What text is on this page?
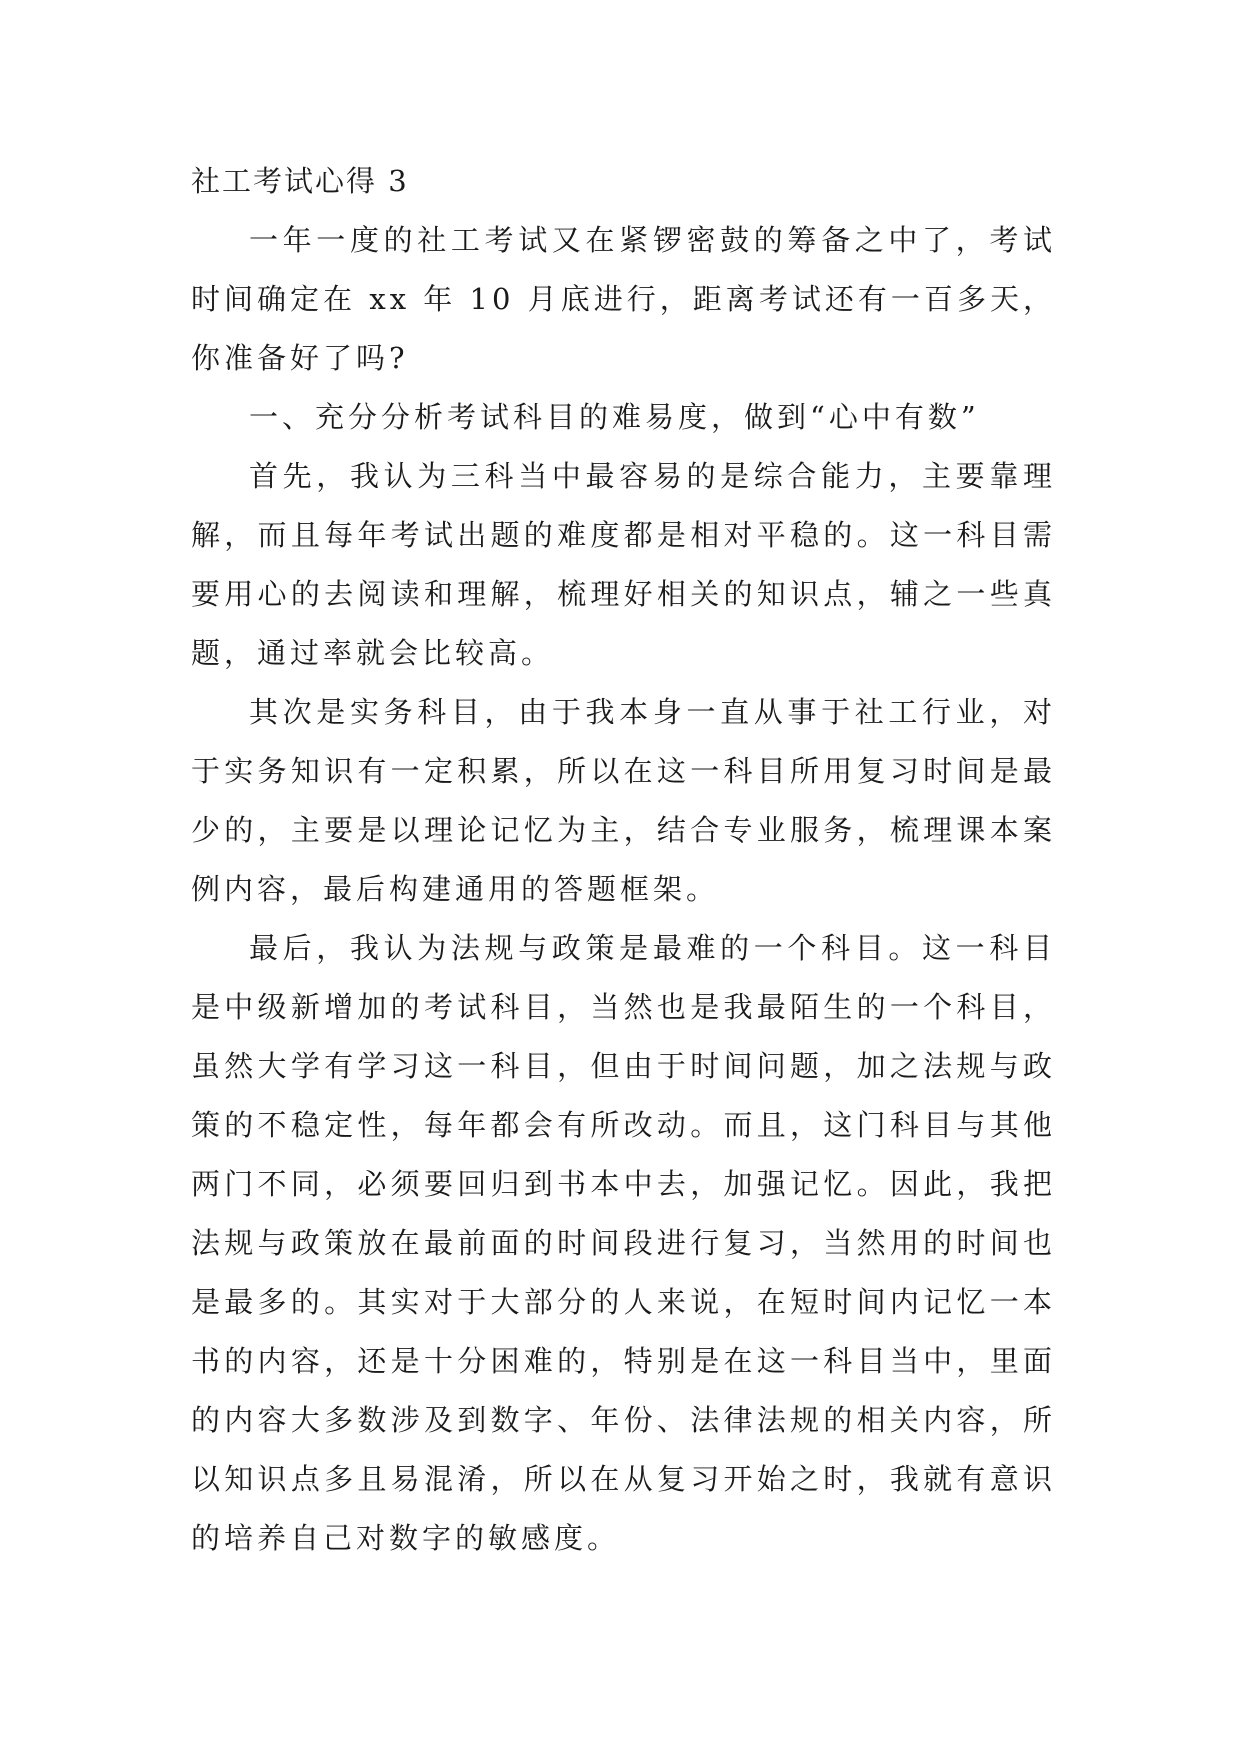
社工考试心得 3

一年一度的社工考试又在紧锣密鼓的筹备之中了，考试时间确定在 xx 年 10 月底进行，距离考试还有一百多天，你准备好了吗?

一、充分分析考试科目的难易度，做到“心中有数”

首先，我认为三科当中最容易的是综合能力，主要靠理解，而且每年考试出题的难度都是相对平稳的。这一科目需要用心的去阅读和理解，梳理好相关的知识点，辅之一些真题，通过率就会比较高。

其次是实务科目，由于我本身一直从事于社工行业，对于实务知识有一定积累，所以在这一科目所用复习时间是最少的，主要是以理论记忆为主，结合专业服务，梳理课本案例内容，最后构建通用的答题框架。

最后，我认为法规与政策是最难的一个科目。这一科目是中级新增加的考试科目，当然也是我最陌生的一个科目，虽然大学有学习这一科目，但由于时间问题，加之法规与政策的不稳定性，每年都会有所改动。而且，这门科目与其他两门不同，必须要回归到书本中去，加强记忆。因此，我把法规与政策放在最前面的时间段进行复习，当然用的时间也是最多的。其实对于大部分的人来说，在短时间内记忆一本书的内容，还是十分困难的，特别是在这一科目当中，里面的内容大多数涉及到数字、年份、法律法规的相关内容，所以知识点多且易混淆，所以在从复习开始之时，我就有意识的培养自己对数字的敏感度。
